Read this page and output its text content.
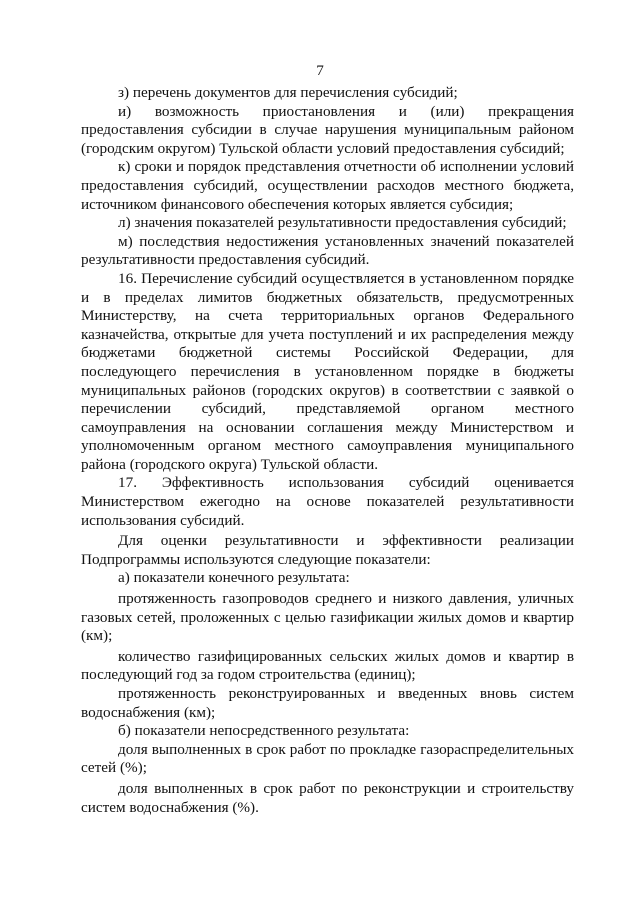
7

з) перечень документов для перечисления субсидий;

и) возможность приостановления и (или) прекращения предоставления субсидии в случае нарушения муниципальным районом (городским округом) Тульской области условий предоставления субсидий;

к) сроки и порядок представления отчетности об исполнении условий предоставления субсидий, осуществлении расходов местного бюджета, источником финансового обеспечения которых является субсидия;

л) значения показателей результативности предоставления субсидий;

м) последствия недостижения установленных значений показателей результативности предоставления субсидий.

16. Перечисление субсидий осуществляется в установленном порядке и в пределах лимитов бюджетных обязательств, предусмотренных Министерству, на счета территориальных органов Федерального казначейства, открытые для учета поступлений и их распределения между бюджетами бюджетной системы Российской Федерации, для последующего перечисления в установленном порядке в бюджеты муниципальных районов (городских округов) в соответствии с заявкой о перечислении субсидий, представляемой органом местного самоуправления на основании соглашения между Министерством и уполномоченным органом местного самоуправления муниципального района (городского округа) Тульской области.

17. Эффективность использования субсидий оценивается Министерством ежегодно на основе показателей результативности использования субсидий.

Для оценки результативности и эффективности реализации Подпрограммы используются следующие показатели:

а) показатели конечного результата:

протяженность газопроводов среднего и низкого давления, уличных газовых сетей, проложенных с целью газификации жилых домов и квартир (км);

количество газифицированных сельских жилых домов и квартир в последующий год за годом строительства (единиц);

протяженность реконструированных и введенных вновь систем водоснабжения (км);

б) показатели непосредственного результата:

доля выполненных в срок работ по прокладке газораспределительных сетей (%);

доля выполненных в срок работ по реконструкции и строительству систем водоснабжения (%).
